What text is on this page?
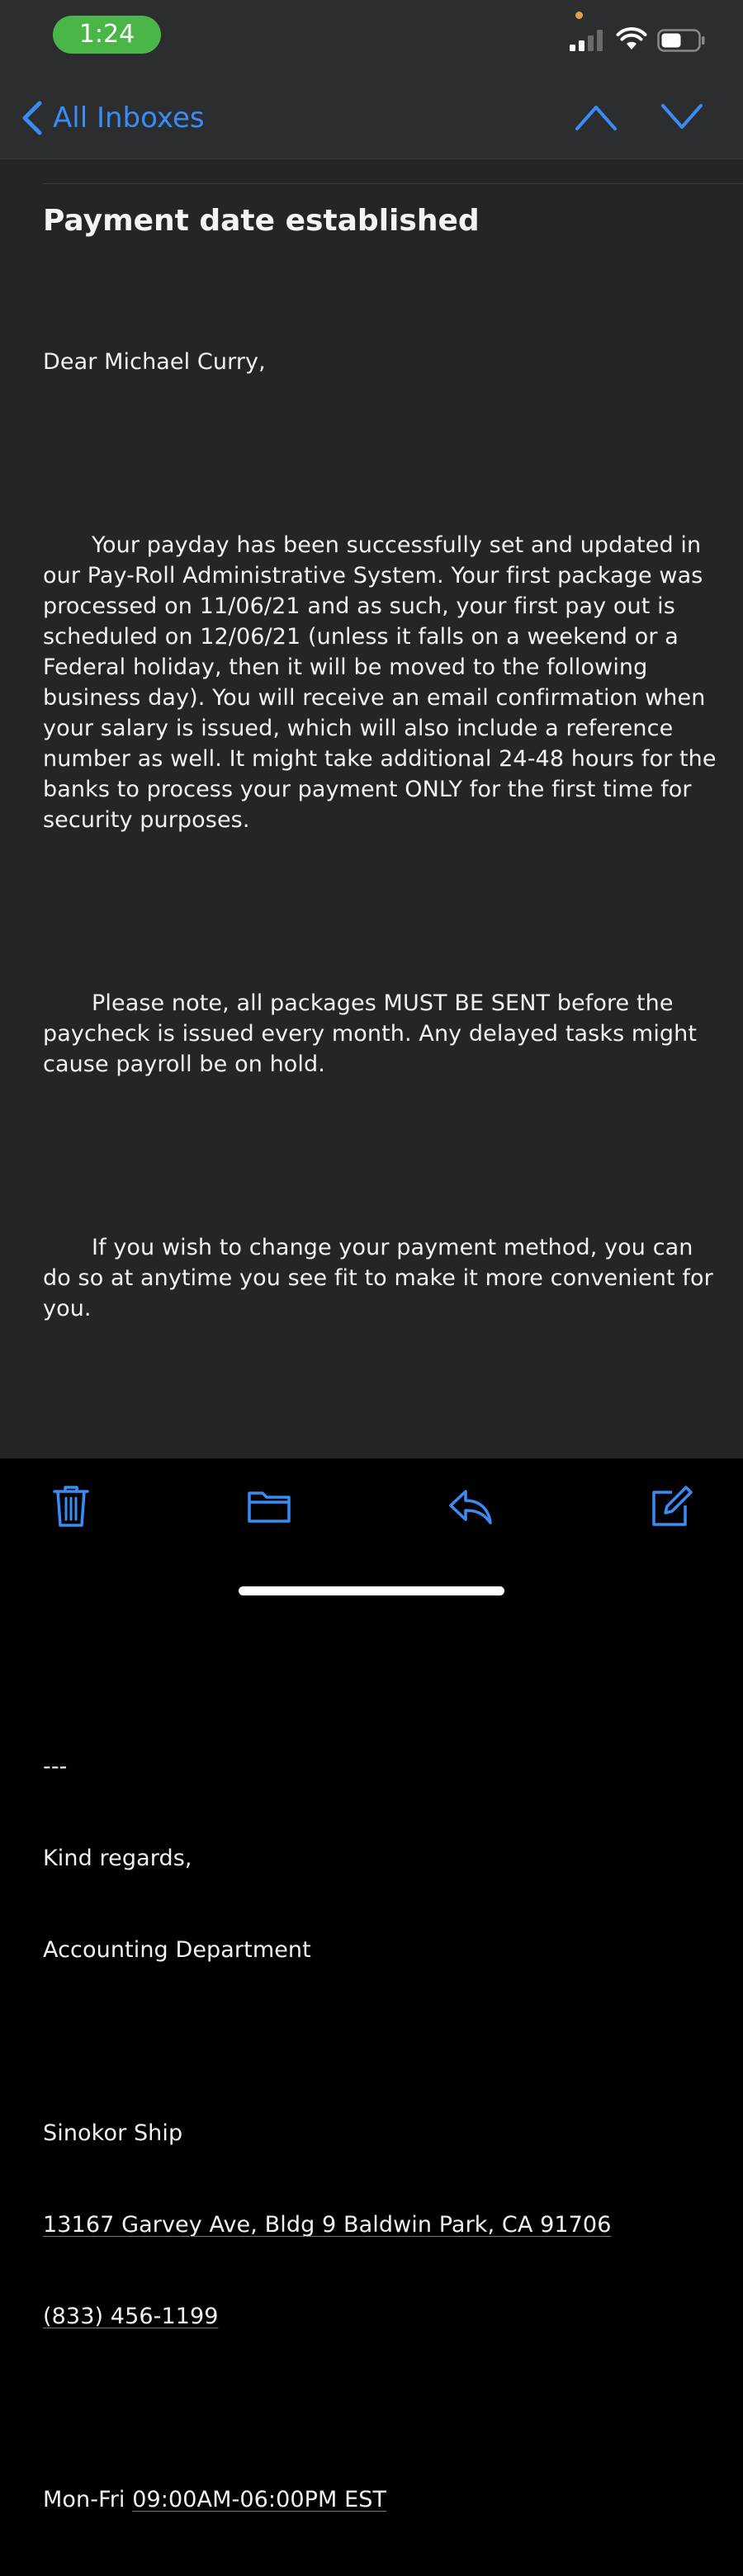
1:24
All Inboxes
Payment date established

Dear Michael Curry,

Your payday has been successfully set and updated in our Pay-Roll Administrative System. Your first package was processed on 11/06/21 and as such, your first pay out is scheduled on 12/06/21 (unless it falls on a weekend or a Federal holiday, then it will be moved to the following business day). You will receive an email confirmation when your salary is issued, which will also include a reference number as well. It might take additional 24-48 hours for the banks to process your payment ONLY for the first time for security purposes.

Please note, all packages MUST BE SENT before the paycheck is issued every month. Any delayed tasks might cause payroll be on hold.

If you wish to change your payment method, you can do so at anytime you see fit to make it more convenient for you.

---

Kind regards,

Accounting Department

Sinokor Ship

13167 Garvey Ave, Bldg 9 Baldwin Park, CA 91706

(833) 456-1199

Mon-Fri 09:00AM-06:00PM EST
